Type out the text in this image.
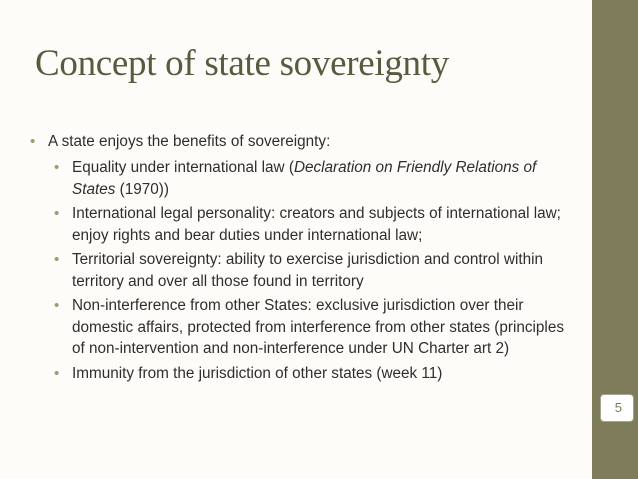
Concept of state sovereignty
• A state enjoys the benefits of sovereignty:
• Equality under international law (Declaration on Friendly Relations of States (1970))
• International legal personality: creators and subjects of international law; enjoy rights and bear duties under international law;
• Territorial sovereignty: ability to exercise jurisdiction and control within territory and over all those found in territory
• Non-interference from other States: exclusive jurisdiction over their domestic affairs, protected from interference from other states (principles of non-intervention and non-interference under UN Charter art 2)
• Immunity from the jurisdiction of other states (week 11)
5
